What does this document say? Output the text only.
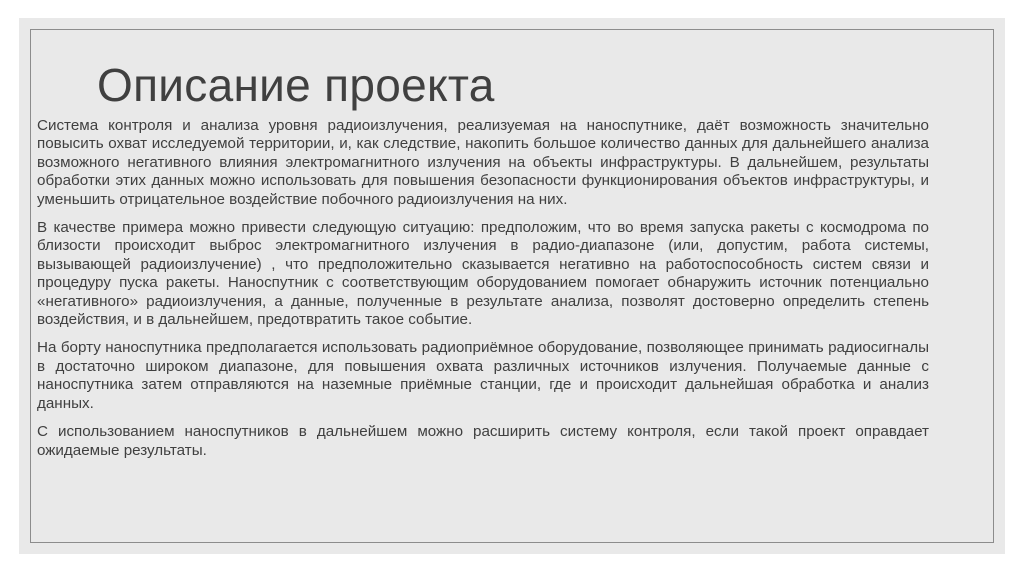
Описание проекта

Система контроля и анализа уровня радиоизлучения, реализуемая на наноспутнике, даёт возможность значительно повысить охват исследуемой территории, и, как следствие, накопить большое количество данных для дальнейшего анализа возможного негативного влияния электромагнитного излучения на объекты инфраструктуры. В дальнейшем, результаты обработки этих данных можно использовать для повышения безопасности функционирования объектов инфраструктуры, и уменьшить отрицательное воздействие побочного радиоизлучения на них.

В качестве примера можно привести следующую ситуацию: предположим, что во время запуска ракеты с космодрома по близости происходит выброс электромагнитного излучения в радио-диапазоне (или, допустим, работа системы, вызывающей радиоизлучение) , что предположительно сказывается негативно на работоспособность систем связи и процедуру пуска ракеты. Наноспутник с соответствующим оборудованием помогает обнаружить источник потенциально «негативного» радиоизлучения, а данные, полученные в результате анализа, позволят достоверно определить степень воздействия, и в дальнейшем, предотвратить такое событие.

На борту наноспутника предполагается использовать радиоприёмное оборудование, позволяющее принимать радиосигналы в достаточно широком диапазоне, для повышения охвата различных источников излучения. Получаемые данные с наноспутника затем отправляются на наземные приёмные станции, где и происходит дальнейшая обработка и анализ данных.

С использованием наноспутников в дальнейшем можно расширить систему контроля, если такой проект оправдает ожидаемые результаты.
